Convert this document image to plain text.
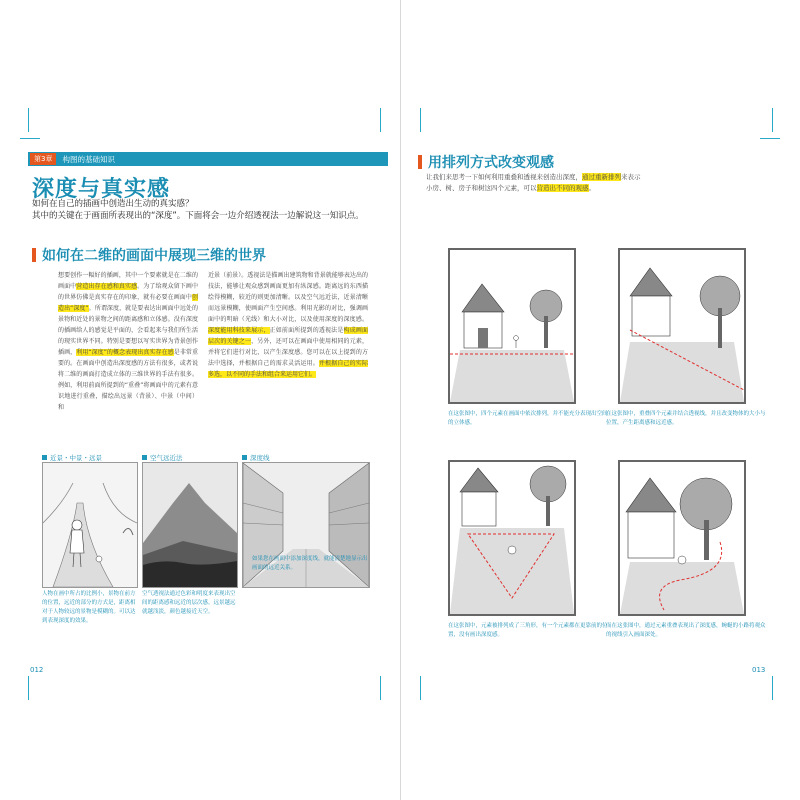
第3章	构图的基础知识
深度与真实感
如何在自己的插画中创造出生动的真实感？
其中的关键在于画面所表现出的“深度”。下面将会一边介绍透视法一边解说这一知识点。
如何在二维的画面中展现三维的世界
想要创作一幅好的插画，其中一个要素就是在二维的画面中营造出存在感和真实感。为了给观众留下画中的世界仿佛是真实存在的印象，就有必要在画面中创造出“深度”。所谓深度，就是要表达出画面中远处的景物和近处的景物之间的距离感和立体感。没有深度的插画给人的感觉是平面的，会看起来与我们所生活的现实世界不同。特别是要想以写实世界为背景创作插画，利用“深度”的概念表现出真实存在感是非常重要的。在画面中创造出深度感的方法有很多，或者说将二维的画面打造成立体的三维世界的手法有很多。例如，利用前面所提到的“重叠”将画面中的元素有意识地进行重叠，描绘出远景（背景）、中景（中间）和
近景（前景）。透视法是描画出建筑物和背景就能够表达出的技法，能够让观众感到画面更加有纵深感。距离远的东西描绘得模糊，较近的则更加清晰。以及空气远近法，近景清晰而远景模糊，使画面产生空间感。利用光影的对比，强调画面中的明暗（光线）和大小对比，以及使用深度的深度感。深度能用科技来展示，正如前面所提到的透视法是构成画面层次的关键之一，另外，还可以在画面中使用相同的元素，并将它们进行对比，以产生深度感。您可以在以上提到的方法中选择，并根据自己的需求灵活运用。并根据自己的实际多选，以不同的手法和组合来运用它们。
近景・中景・远景	空气远近法	深度线
人物在画中所占的比例小，景物在前方的位置，远近的部分的方式是，距离相对于人物较远的景物是模糊的。可以达到表现深度的效果。
空气透视法通过色彩和明度来表现出空间的距离感和远近的层次感。远景越远就越浅淡，颜色越接近天空。
如果您在画面中添加深度线，就能清楚地显示出画面的远近关系。
012
用排列方式改变观感
让我们来思考一下如何利用重叠和透视来创造出深度，通过重新排列来表示小房、树、房子和树这四个元素，可以营造出不同的观感。
在这张图中，四个元素在画面中依次排列，并不能充分表现出空间的立体感。
在这张图中，重叠四个元素并结合透视线，并且改变物体的大小与位置，产生距离感和远近感。
在这张图中，元素被排列成了三角形，有一个元素都在更靠前的位置，没有画出深度感。
而在这张图中，通过元素重叠表现出了深度感，蜿蜒的小路将观众的视线引入画面深处。
013
